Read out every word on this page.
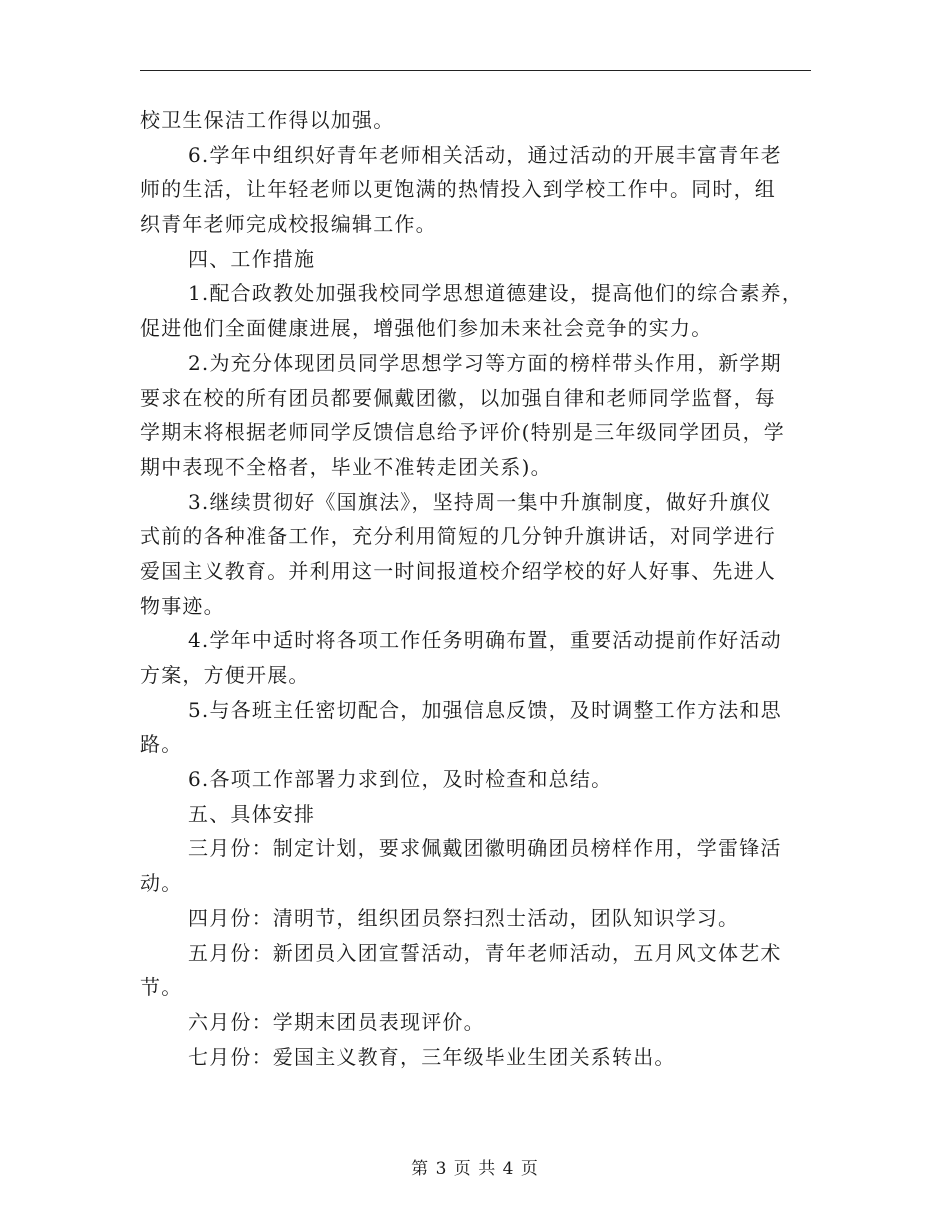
校卫生保洁工作得以加强。
6.学年中组织好青年老师相关活动，通过活动的开展丰富青年老
师的生活，让年轻老师以更饱满的热情投入到学校工作中。同时，组
织青年老师完成校报编辑工作。
四、工作措施
1.配合政教处加强我校同学思想道德建设，提高他们的综合素养，
促进他们全面健康进展，增强他们参加未来社会竞争的实力。
2.为充分体现团员同学思想学习等方面的榜样带头作用，新学期
要求在校的所有团员都要佩戴团徽，以加强自律和老师同学监督，每
学期末将根据老师同学反馈信息给予评价(特别是三年级同学团员，学
期中表现不全格者，毕业不准转走团关系)。
3.继续贯彻好《国旗法》，坚持周一集中升旗制度，做好升旗仪
式前的各种准备工作，充分利用简短的几分钟升旗讲话，对同学进行
爱国主义教育。并利用这一时间报道校介绍学校的好人好事、先进人
物事迹。
4.学年中适时将各项工作任务明确布置，重要活动提前作好活动
方案，方便开展。
5.与各班主任密切配合，加强信息反馈，及时调整工作方法和思
路。
6.各项工作部署力求到位，及时检查和总结。
五、具体安排
三月份：制定计划，要求佩戴团徽明确团员榜样作用，学雷锋活
动。
四月份：清明节，组织团员祭扫烈士活动，团队知识学习。
五月份：新团员入团宣誓活动，青年老师活动，五月风文体艺术
节。
六月份：学期末团员表现评价。
七月份：爱国主义教育，三年级毕业生团关系转出。
第 3 页 共 4 页
